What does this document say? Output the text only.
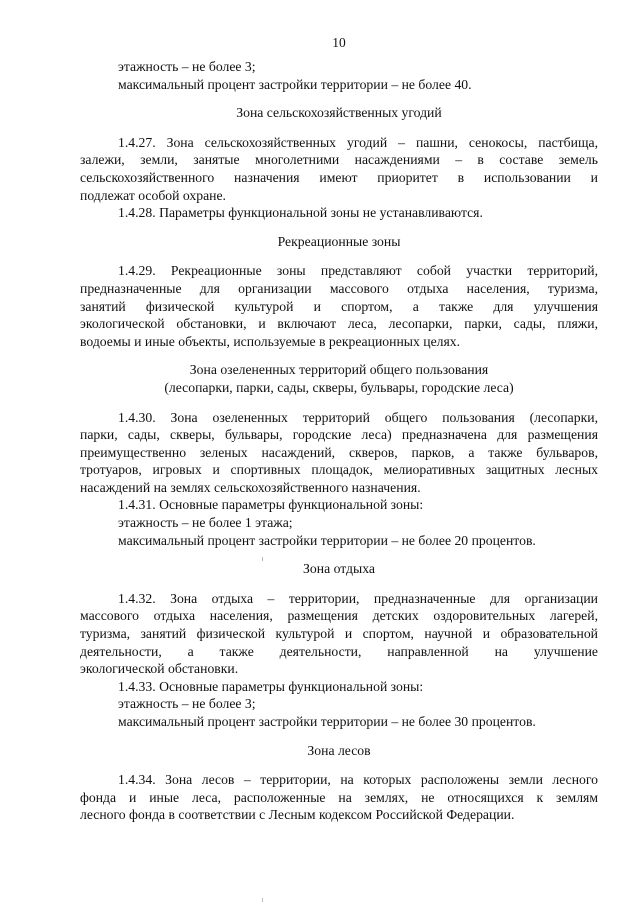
10
этажность – не более 3;
максимальный процент застройки территории – не более 40.
Зона сельскохозяйственных угодий
1.4.27. Зона сельскохозяйственных угодий – пашни, сенокосы, пастбища,
залежи, земли, занятые многолетними насаждениями – в составе земель
сельскохозяйственного назначения имеют приоритет в использовании и
подлежат особой охране.
1.4.28. Параметры функциональной зоны не устанавливаются.
Рекреационные зоны
1.4.29. Рекреационные зоны представляют собой участки территорий,
предназначенные для организации массового отдыха населения, туризма,
занятий физической культурой и спортом, а также для улучшения
экологической обстановки, и включают леса, лесопарки, парки, сады, пляжи,
водоемы и иные объекты, используемые в рекреационных целях.
Зона озелененных территорий общего пользования
(лесопарки, парки, сады, скверы, бульвары, городские леса)
1.4.30. Зона озелененных территорий общего пользования (лесопарки,
парки, сады, скверы, бульвары, городские леса) предназначена для размещения
преимущественно зеленых насаждений, скверов, парков, а также бульваров,
тротуаров, игровых и спортивных площадок, мелиоративных защитных лесных
насаждений на землях сельскохозяйственного назначения.
1.4.31. Основные параметры функциональной зоны:
этажность – не более 1 этажа;
максимальный процент застройки территории – не более 20 процентов.
Зона отдыха
1.4.32. Зона отдыха – территории, предназначенные для организации
массового отдыха населения, размещения детских оздоровительных лагерей,
туризма, занятий физической культурой и спортом, научной и образовательной
деятельности, а также деятельности, направленной на улучшение
экологической обстановки.
1.4.33. Основные параметры функциональной зоны:
этажность – не более 3;
максимальный процент застройки территории – не более 30 процентов.
Зона лесов
1.4.34. Зона лесов – территории, на которых расположены земли лесного
фонда и иные леса, расположенные на землях, не относящихся к землям
лесного фонда в соответствии с Лесным кодексом Российской Федерации.
